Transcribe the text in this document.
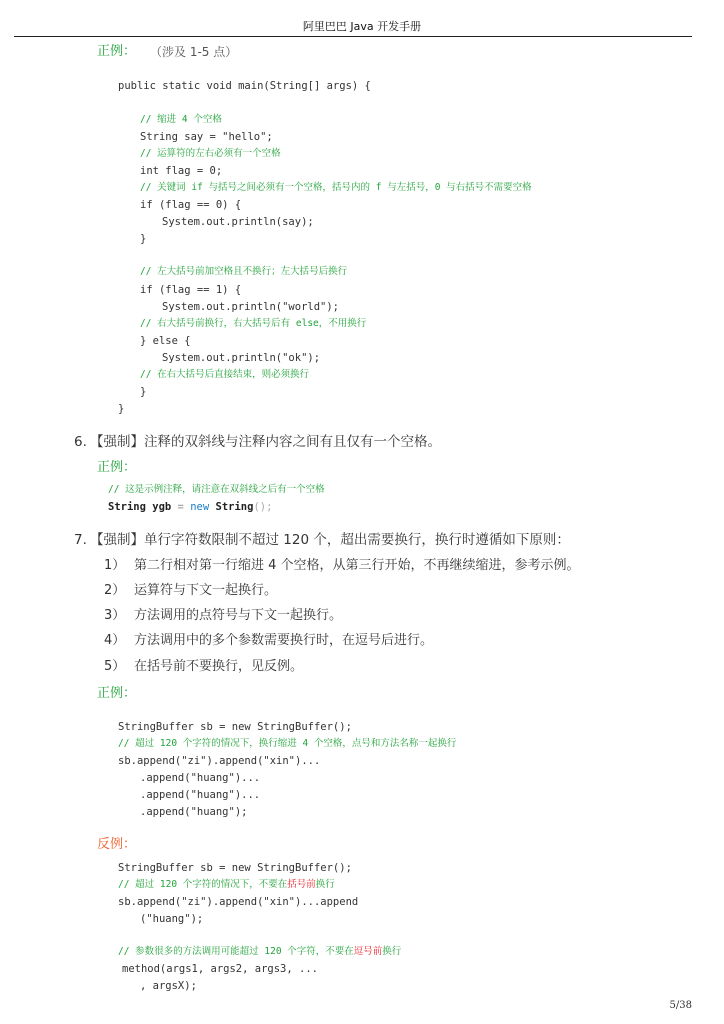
阿里巴巴 Java 开发手册
正例： （涉及 1-5 点）
public static void main(String[] args) {
// 缩进 4 个空格
String say = "hello";
// 运算符的左右必须有一个空格
int flag = 0;
// 关键词 if 与括号之间必须有一个空格，括号内的 f 与左括号，0 与右括号不需要空格
if (flag == 0) {
System.out.println(say);
}
// 左大括号前加空格且不换行；左大括号后换行
if (flag == 1) {
System.out.println("world");
// 右大括号前换行，右大括号后有 else，不用换行
} else {
System.out.println("ok");
// 在右大括号后直接结束，则必须换行
}
}
6. 【强制】注释的双斜线与注释内容之间有且仅有一个空格。
正例：
// 这是示例注释，请注意在双斜线之后有一个空格
String ygb = new String();
7. 【强制】单行字符数限制不超过 120 个，超出需要换行，换行时遵循如下原则：
1） 第二行相对第一行缩进 4 个空格，从第三行开始，不再继续缩进，参考示例。
2） 运算符与下文一起换行。
3） 方法调用的点符号与下文一起换行。
4） 方法调用中的多个参数需要换行时，在逗号后进行。
5） 在括号前不要换行，见反例。
正例：
StringBuffer sb = new StringBuffer();
// 超过 120 个字符的情况下，换行缩进 4 个空格，点号和方法名称一起换行
sb.append("zi").append("xin")...
.append("huang")...
.append("huang")...
.append("huang");
反例：
StringBuffer sb = new StringBuffer();
// 超过 120 个字符的情况下，不要在括号前换行
sb.append("zi").append("xin")...append
("huang");
// 参数很多的方法调用可能超过 120 个字符，不要在逗号前换行
method(args1, args2, args3, ...
, argsX);
5/38
